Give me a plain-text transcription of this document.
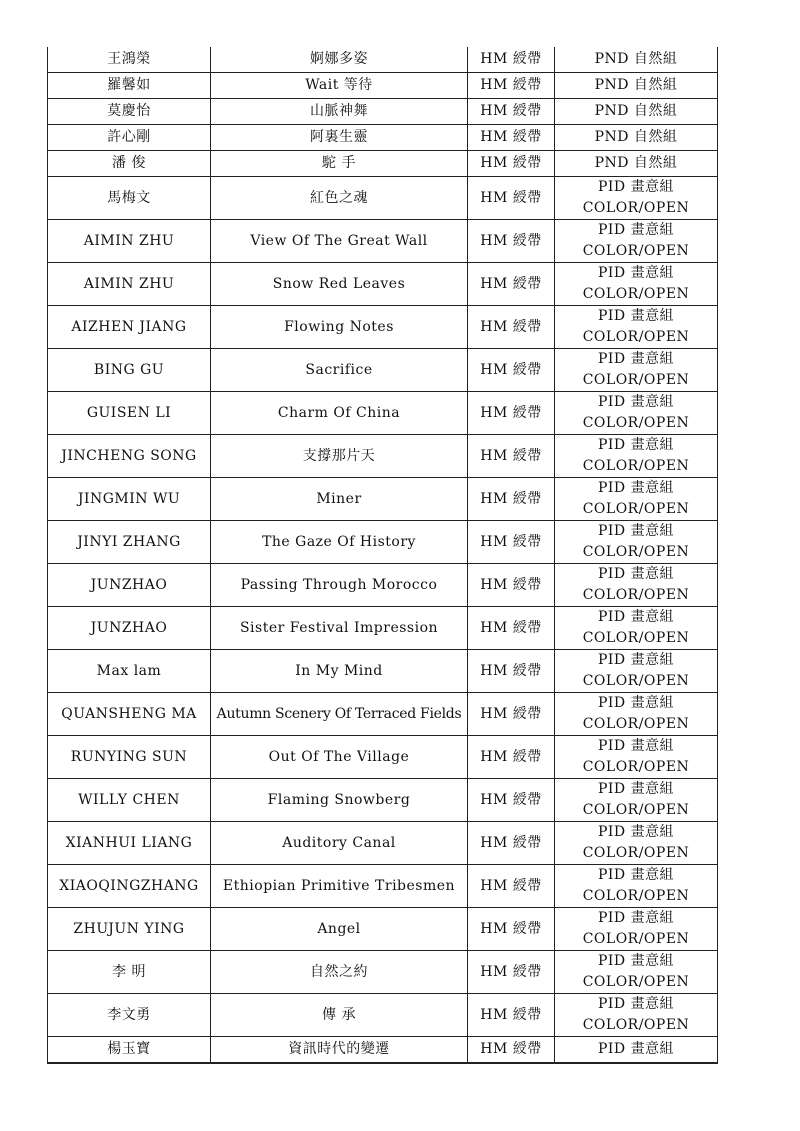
王鴻榮	婀娜多姿	HM 綬帶	PND 自然組

羅馨如	Wait 等待	HM 綬帶	PND 自然組

莫慶怡	山脈神舞	HM 綬帶	PND 自然組

許心剛	阿裏生靈	HM 綬帶	PND 自然組

潘 俊	駝 手	HM 綬帶	PND 自然組

馬梅文	紅色之魂	HM 綬帶	PID 畫意組
COLOR/OPEN

AIMIN ZHU	View Of The Great Wall	HM 綬帶	PID 畫意組
COLOR/OPEN

AIMIN ZHU	Snow Red Leaves	HM 綬帶	PID 畫意組
COLOR/OPEN

AIZHEN JIANG	Flowing Notes	HM 綬帶	PID 畫意組
COLOR/OPEN

BING GU	Sacrifice	HM 綬帶	PID 畫意組
COLOR/OPEN

GUISEN LI	Charm Of China	HM 綬帶	PID 畫意組
COLOR/OPEN

JINCHENG SONG	支撐那片天	HM 綬帶	PID 畫意組
COLOR/OPEN

JINGMIN WU	Miner	HM 綬帶	PID 畫意組
COLOR/OPEN

JINYI ZHANG	The Gaze Of History	HM 綬帶	PID 畫意組
COLOR/OPEN

JUNZHAO	Passing Through Morocco	HM 綬帶	PID 畫意組
COLOR/OPEN

JUNZHAO	Sister Festival Impression	HM 綬帶	PID 畫意組
COLOR/OPEN

Max lam	In My Mind	HM 綬帶	PID 畫意組
COLOR/OPEN

QUANSHENG MA	Autumn Scenery Of Terraced Fields	HM 綬帶	PID 畫意組
COLOR/OPEN

RUNYING SUN	Out Of The Village	HM 綬帶	PID 畫意組
COLOR/OPEN

WILLY CHEN	Flaming Snowberg	HM 綬帶	PID 畫意組
COLOR/OPEN

XIANHUI LIANG	Auditory Canal	HM 綬帶	PID 畫意組
COLOR/OPEN

XIAOQINGZHANG	Ethiopian Primitive Tribesmen	HM 綬帶	PID 畫意組
COLOR/OPEN

ZHUJUN YING	Angel	HM 綬帶	PID 畫意組
COLOR/OPEN

李 明	自然之約	HM 綬帶	PID 畫意組
COLOR/OPEN

李文勇	傳 承	HM 綬帶	PID 畫意組
COLOR/OPEN

楊玉寶	資訊時代的變遷	HM 綬帶	PID 畫意組
